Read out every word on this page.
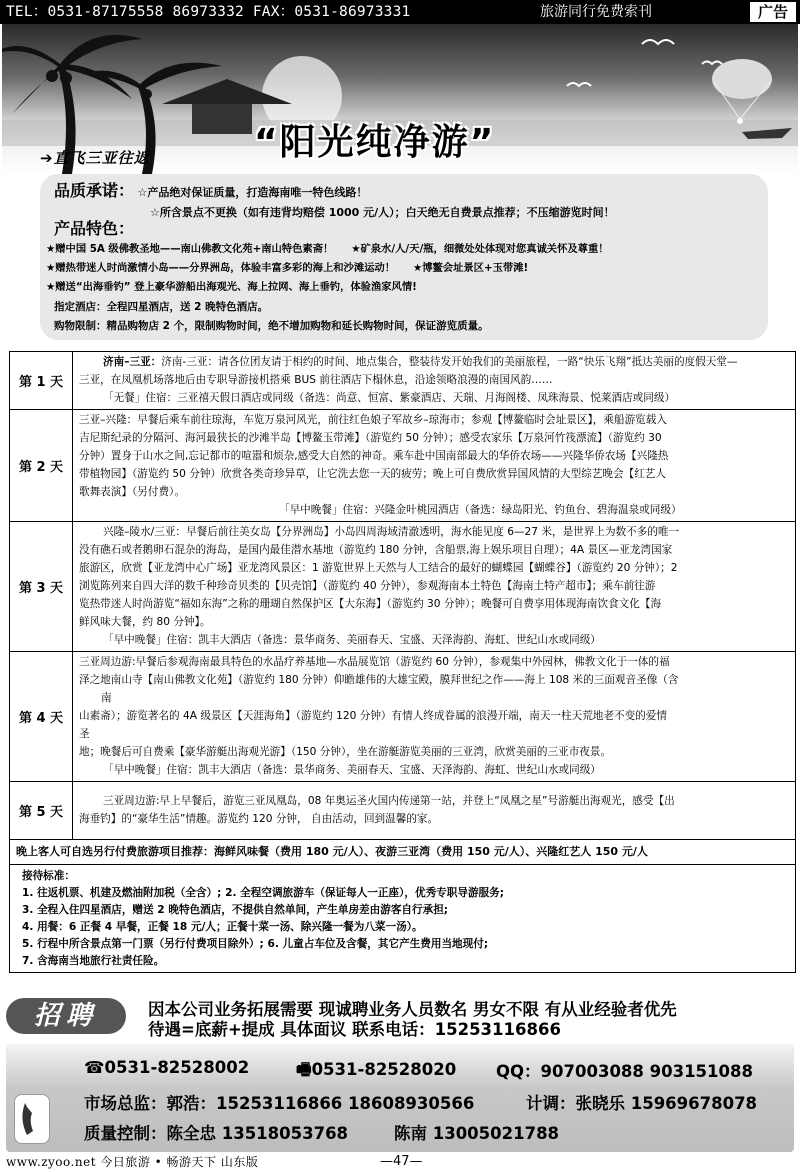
TEL：0531-87175558 86973332 FAX：0531-86973331	旅游同行免费索刊	广告
“阳光纯净游”
➔直飞三亚往返
品质承诺： ☆产品绝对保证质量，打造海南唯一特色线路！
☆所含景点不更换（如有违背均赔偿 1000 元/人）；白天绝无自费景点推荐；不压缩游览时间！
产品特色：
★赠中国 5A 级佛教圣地——南山佛教文化苑+南山特色素斋！ ★矿泉水/人/天/瓶，细微处处体现对您真诚关怀及尊重！
★赠热带迷人时尚激情小岛——分界洲岛，体验丰富多彩的海上和沙滩运动！ ★博鳌会址景区+玉带滩!
★赠送“出海垂钓” 登上豪华游船出海观光、海上拉网、海上垂钓，体验渔家风情!
指定酒店：全程四星酒店，送 2 晚特色酒店。
购物限制：精品购物店 2 个，限制购物时间，绝不增加购物和延长购物时间，保证游览质量。
第 1 天
济南–三亚：济南-三亚：请各位团友请于相约的时间、地点集合，整装待发开始我们的美丽旅程，一路“快乐飞翔”抵达美丽的度假天堂—
三亚，在凤凰机场落地后由专职导游接机搭乘 BUS 前往酒店下榻休息，沿途领略浪漫的南国风韵……
「无餐」住宿：三亚禧天假日酒店或同级（备选：尚意、恒富、紫豪酒店、天瑞、月海阁楼、凤珠海景、悦莱酒店或同级）
第 2 天
三亚–兴隆：早餐后乘车前往琼海，车览万泉河风光，前往红色娘子军故乡–琼海市；参观【博鳌临时会址景区】，乘船游览载入
吉尼斯纪录的分隔河、海河最狭长的沙滩半岛【博鳌玉带滩】（游览约 50 分钟）；感受农家乐【万泉河竹筏漂流】（游览约 30
分钟）置身于山水之间,忘记都市的喧嚣和烦杂,感受大自然的神奇。乘车赴中国南部最大的华侨农场——兴隆华侨农场【兴隆热
带植物园】（游览约 50 分钟）欣赏各类奇珍异草，让它洗去您一天的疲劳；晚上可自费欣赏异国风情的大型综艺晚会【红艺人
歌舞表演】（另付费）。
「早中晚餐」住宿：兴隆金叶桃园酒店（备选：绿岛阳光、钓鱼台、碧海温泉或同级）
第 3 天
兴隆–陵水/三亚：早餐后前往美女岛【分界洲岛】小岛四周海域清澈透明，海水能见度 6—27 米，是世界上为数不多的唯一
没有礁石或者鹅卵石混杂的海岛，是国内最佳潜水基地（游览约 180 分钟，含船票,海上娱乐项目自理）；4A 景区—亚龙湾国家
旅游区，欣赏【亚龙湾中心广场】亚龙湾风景区：1 游览世界上天然与人工结合的最好的蝴蝶园【蝴蝶谷】（游览约 20 分钟）；2
浏览陈列来自四大洋的数千种珍奇贝类的【贝壳馆】（游览约 40 分钟），参观海南本土特色【海南土特产超市】；乘车前往游
览热带迷人时尚游览“福如东海”之称的珊瑚自然保护区【大东海】（游览约 30 分钟）；晚餐可自费享用体现海南饮食文化【海
鲜风味大餐，约 80 分钟】。
「早中晚餐」住宿：凯丰大酒店（备选：景华商务、美丽春天、宝盛、天泽海韵、海虹、世纪山水或同级）
第 4 天
三亚周边游:早餐后参观海南最具特色的水晶疗养基地—水晶展览馆（游览约 60 分钟），参观集中外园林，佛教文化于一体的福
泽之地南山寺【南山佛教文化苑】（游览约 180 分钟）仰瞻雄伟的大雄宝殿，膜拜世纪之作——海上 108 米的三面观音圣像（含
南
山素斋）；游览著名的 4A 级景区【天涯海角】（游览约 120 分钟）有情人终成眷属的浪漫开端，南天一柱天荒地老不变的爱情
圣
地；晚餐后可自费乘【豪华游艇出海观光游】（150 分钟），坐在游艇游览美丽的三亚湾，欣赏美丽的三亚市夜景。
「早中晚餐」住宿：凯丰大酒店（备选：景华商务、美丽春天、宝盛、天泽海韵、海虹、世纪山水或同级）
第 5 天
三亚周边游:早上早餐后，游览三亚凤凰岛，08 年奥运圣火国内传递第一站，并登上“凤凰之星”号游艇出海观光，感受【出
海垂钓】的“豪华生活”情趣。游览约 120 分钟， 自由活动，回到温馨的家。
晚上客人可自选另行付费旅游项目推荐：海鲜风味餐（费用 180 元/人）、夜游三亚湾（费用 150 元/人）、兴隆红艺人 150 元/人
接待标准：
1. 往返机票、机建及燃油附加税（全含）; 2. 全程空调旅游车（保证每人一正座），优秀专职导游服务;
3. 全程入住四星酒店，赠送 2 晚特色酒店，不提供自然单间，产生单房差由游客自行承担;
4. 用餐：6 正餐 4 早餐，正餐 18 元/人；正餐十菜一汤、除兴隆一餐为八菜一汤）。
5. 行程中所含景点第一门票（另行付费项目除外）; 6. 儿童占车位及含餐，其它产生费用当地现付;
7. 含海南当地旅行社责任险。
招聘	因本公司业务拓展需要 现诚聘业务人员数名 男女不限 有从业经验者优先
待遇=底薪+提成 具体面议 联系电话：15253116866
☎0531-82528002	🖷0531-82528020 QQ：907003088 903151088
市场总监：郭浩：15253116866 18608930566	计调：张晓乐 15969678078
质量控制：陈全忠 13518053768	陈南 13005021788
www.zyoo.net 今日旅游 • 畅游天下 山东版	—47—
